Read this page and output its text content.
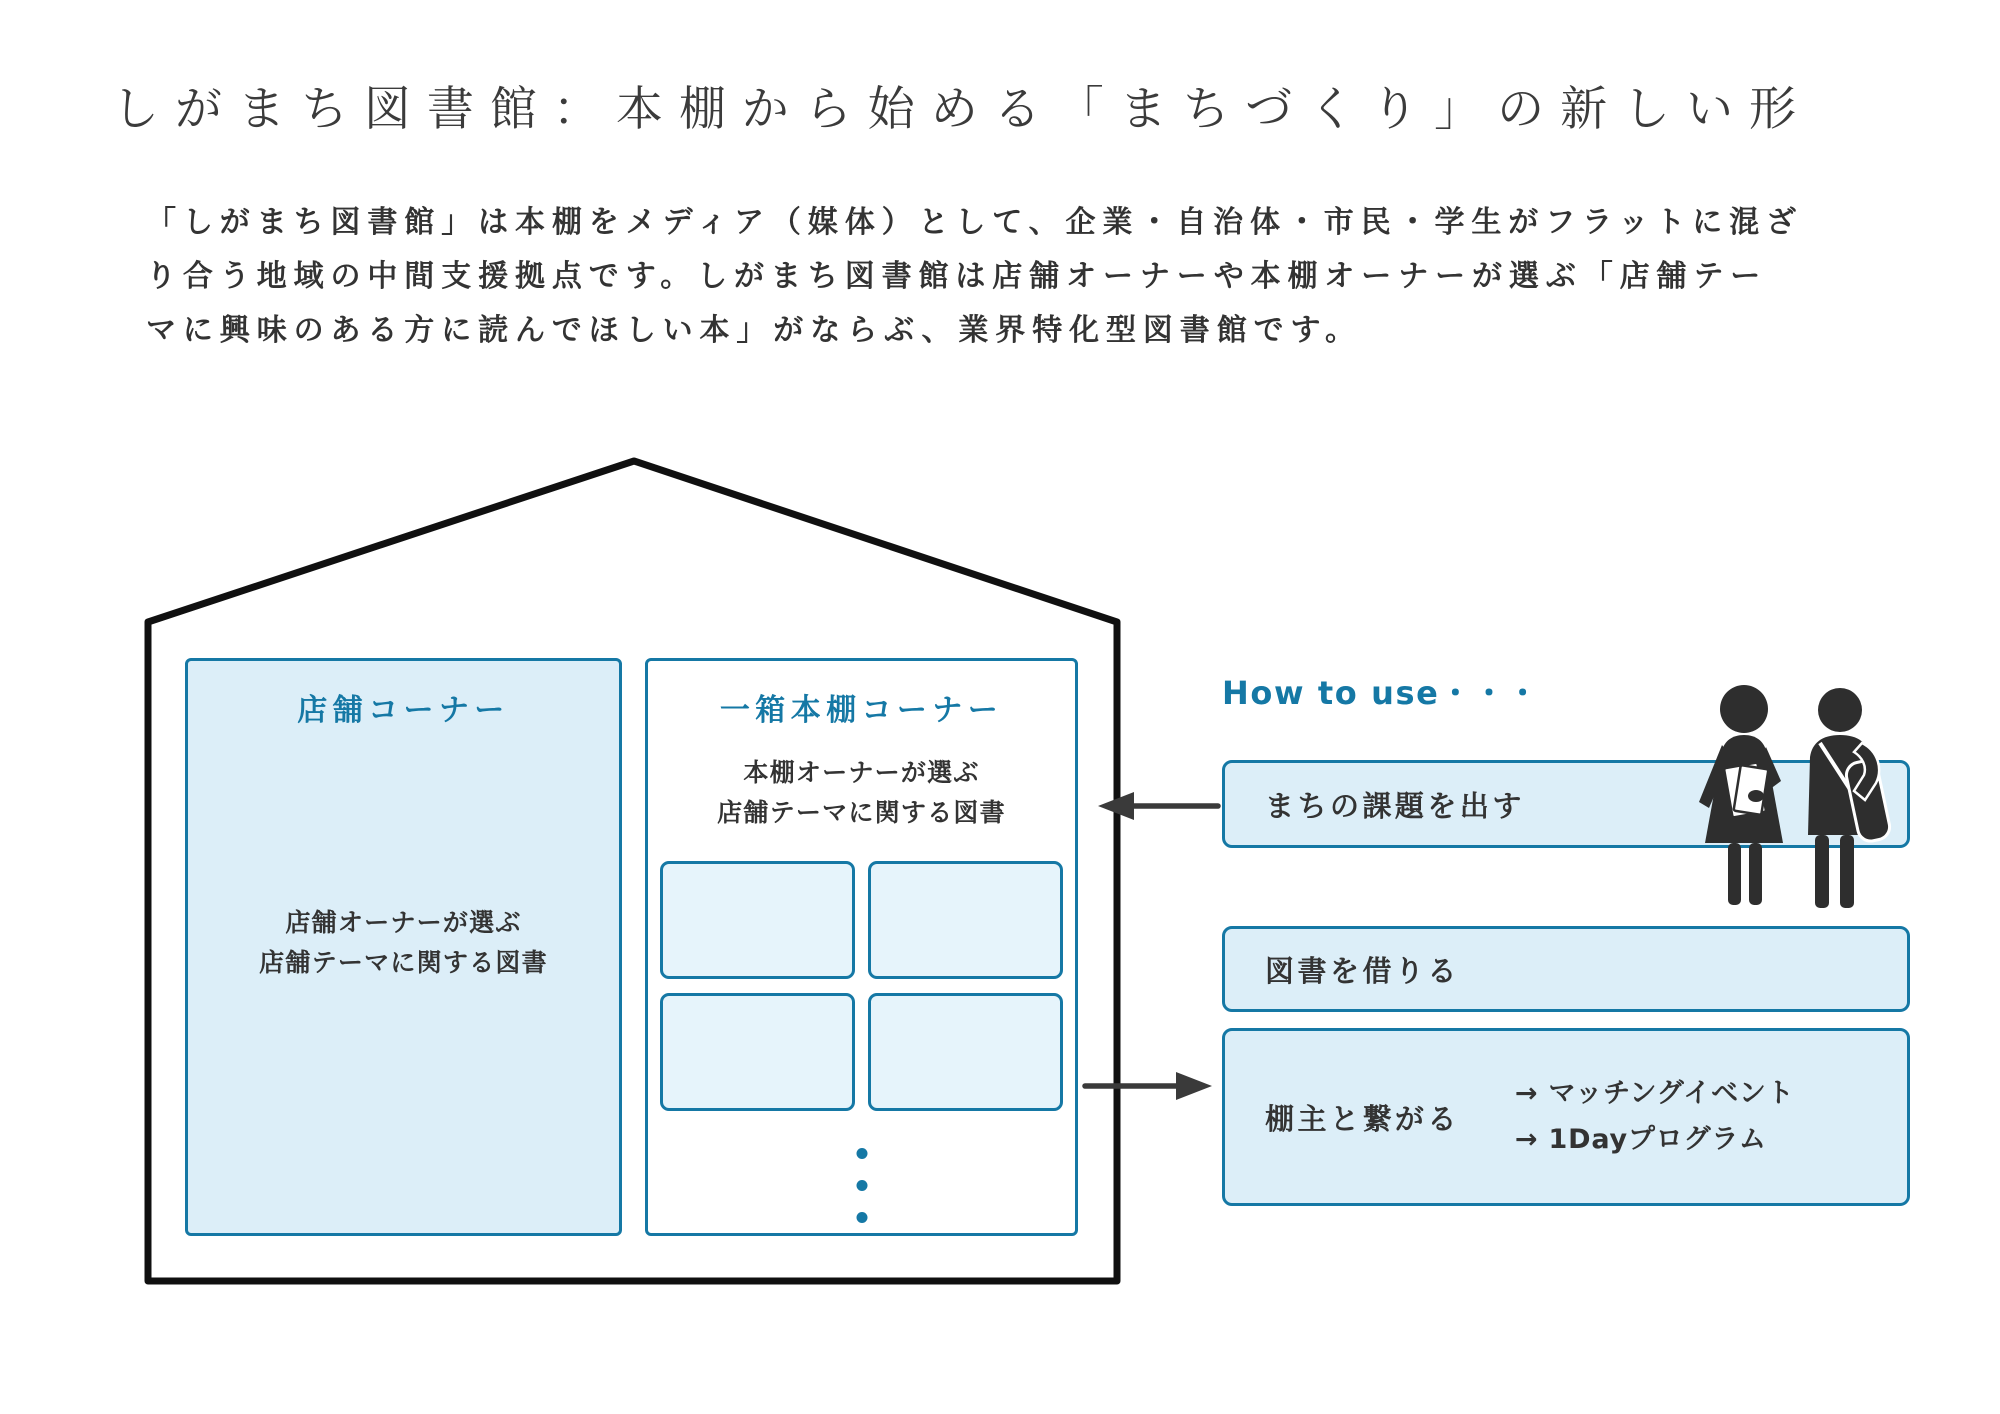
しがまち図書館：本棚から始める「まちづくり」の新しい形
「しがまち図書館」は本棚をメディア（媒体）として、企業・自治体・市民・学生がフラットに混ざ
り合う地域の中間支援拠点です。しがまち図書館は店舗オーナーや本棚オーナーが選ぶ「店舗テー
マに興味のある方に読んでほしい本」がならぶ、業界特化型図書館です。
店舗コーナー
店舗オーナーが選ぶ
店舗テーマに関する図書
一箱本棚コーナー
本棚オーナーが選ぶ
店舗テーマに関する図書
How to use・・・
まちの課題を出す
図書を借りる
棚主と繋がる
→ マッチングイベント
→ 1Dayプログラム
